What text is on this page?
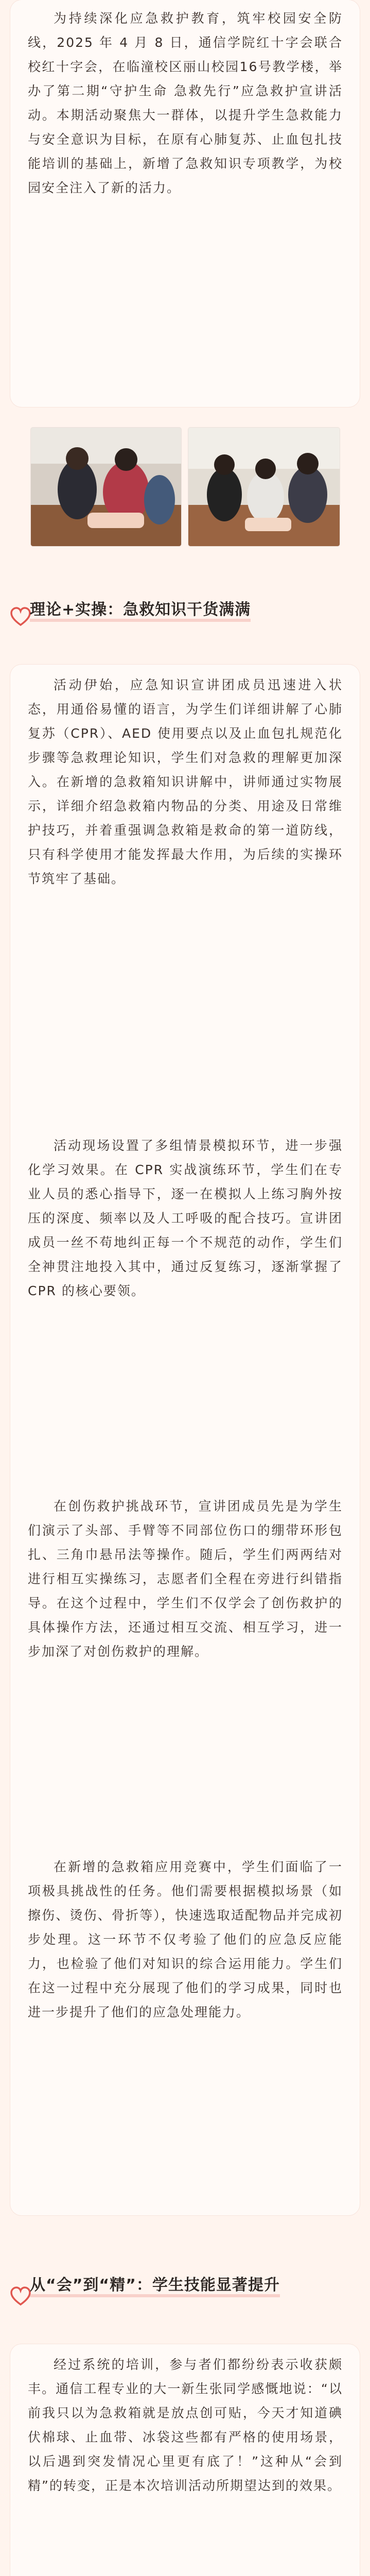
为持续深化应急救护教育，筑牢校园安全防线，2025 年 4 月 8 日，通信学院红十字会联合校红十字会，在临潼校区丽山校园16号教学楼，举办了第二期“守护生命 急救先行”应急救护宣讲活动。本期活动聚焦大一群体，以提升学生急救能力与安全意识为目标，在原有心肺复苏、止血包扎技能培训的基础上，新增了急救知识专项教学，为校园安全注入了新的活力。

理论+实操：急救知识干货满满

活动伊始，应急知识宣讲团成员迅速进入状态，用通俗易懂的语言，为学生们详细讲解了心肺复苏（CPR）、AED 使用要点以及止血包扎规范化步骤等急救理论知识，学生们对急救的理解更加深入。在新增的急救箱知识讲解中，讲师通过实物展示，详细介绍急救箱内物品的分类、用途及日常维护技巧，并着重强调急救箱是救命的第一道防线，只有科学使用才能发挥最大作用，为后续的实操环节筑牢了基础。

活动现场设置了多组情景模拟环节，进一步强化学习效果。在 CPR 实战演练环节，学生们在专业人员的悉心指导下，逐一在模拟人上练习胸外按压的深度、频率以及人工呼吸的配合技巧。宣讲团成员一丝不苟地纠正每一个不规范的动作，学生们全神贯注地投入其中，通过反复练习，逐渐掌握了 CPR 的核心要领。

在创伤救护挑战环节，宣讲团成员先是为学生们演示了头部、手臂等不同部位伤口的绷带环形包扎、三角巾悬吊法等操作。随后，学生们两两结对进行相互实操练习，志愿者们全程在旁进行纠错指导。在这个过程中，学生们不仅学会了创伤救护的具体操作方法，还通过相互交流、相互学习，进一步加深了对创伤救护的理解。

在新增的急救箱应用竞赛中，学生们面临了一项极具挑战性的任务。他们需要根据模拟场景（如擦伤、烫伤、骨折等），快速选取适配物品并完成初步处理。这一环节不仅考验了他们的应急反应能力，也检验了他们对知识的综合运用能力。学生们在这一过程中充分展现了他们的学习成果，同时也进一步提升了他们的应急处理能力。

从“会”到“精”：学生技能显著提升

经过系统的培训，参与者们都纷纷表示收获颇丰。通信工程专业的大一新生张同学感慨地说：“以前我只以为急救箱就是放点创可贴，今天才知道碘伏棉球、止血带、冰袋这些都有严格的使用场景，以后遇到突发情况心里更有底了！”这种从“会到精”的转变，正是本次培训活动所期望达到的效果。
